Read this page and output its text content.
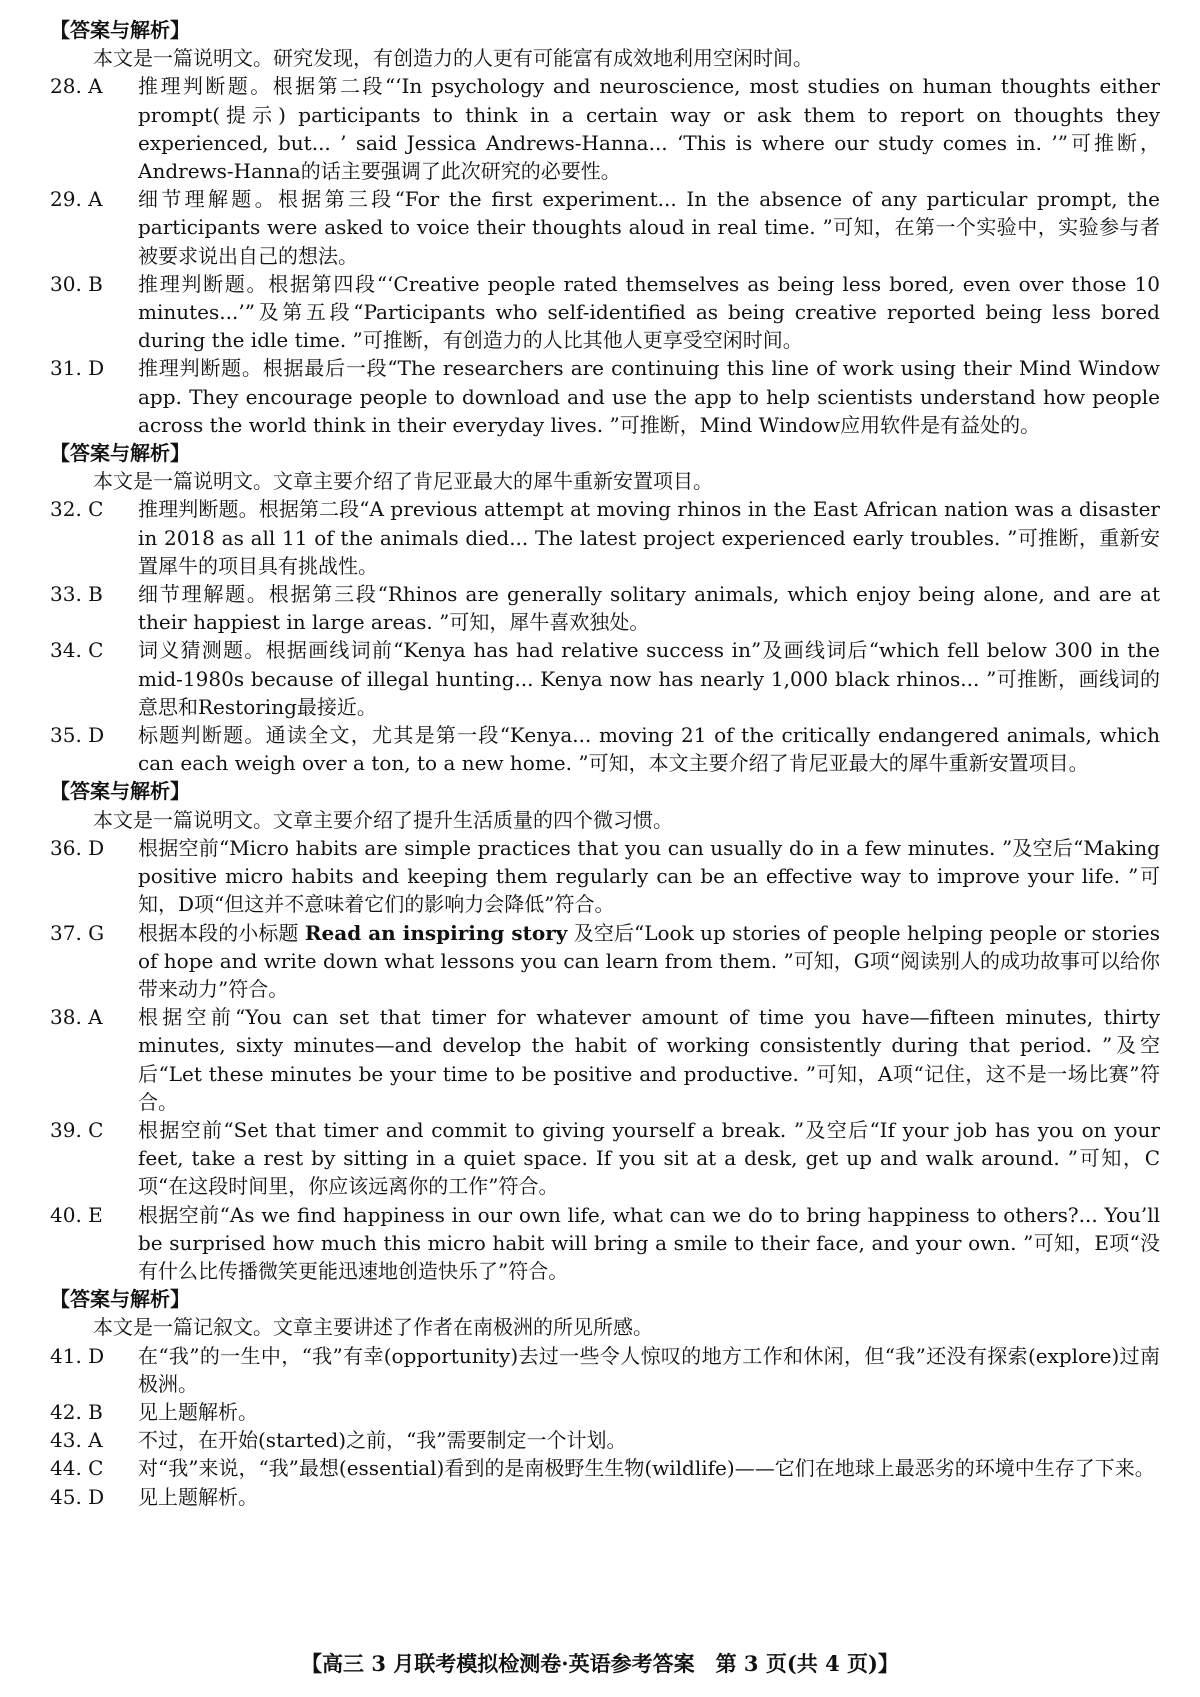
【答案与解析】
本文是一篇说明文。研究发现，有创造力的人更有可能富有成效地利用空闲时间。
28. A	推理判断题。根据第二段“‘In psychology and neuroscience, most studies on human thoughts either prompt(提示) participants to think in a certain way or ask them to report on thoughts they experienced, but... ’ said Jessica Andrews-Hanna... ‘This is where our study comes in. ’”可推断，Andrews-Hanna的话主要强调了此次研究的必要性。
29. A	细节理解题。根据第三段“For the first experiment... In the absence of any particular prompt, the participants were asked to voice their thoughts aloud in real time. ”可知，在第一个实验中，实验参与者被要求说出自己的想法。
30. B	推理判断题。根据第四段“‘Creative people rated themselves as being less bored, even over those 10 minutes...’”及第五段“Participants who self-identified as being creative reported being less bored during the idle time. ”可推断，有创造力的人比其他人更享受空闲时间。
31. D	推理判断题。根据最后一段“The researchers are continuing this line of work using their Mind Window app. They encourage people to download and use the app to help scientists understand how people across the world think in their everyday lives. ”可推断，Mind Window应用软件是有益处的。
【答案与解析】
本文是一篇说明文。文章主要介绍了肯尼亚最大的犀牛重新安置项目。
32. C	推理判断题。根据第二段“A previous attempt at moving rhinos in the East African nation was a disaster in 2018 as all 11 of the animals died... The latest project experienced early troubles. ”可推断，重新安置犀牛的项目具有挑战性。
33. B	细节理解题。根据第三段“Rhinos are generally solitary animals, which enjoy being alone, and are at their happiest in large areas. ”可知，犀牛喜欢独处。
34. C	词义猜测题。根据画线词前“Kenya has had relative success in”及画线词后“which fell below 300 in the mid-1980s because of illegal hunting... Kenya now has nearly 1,000 black rhinos... ”可推断，画线词的意思和Restoring最接近。
35. D	标题判断题。通读全文，尤其是第一段“Kenya... moving 21 of the critically endangered animals, which can each weigh over a ton, to a new home. ”可知，本文主要介绍了肯尼亚最大的犀牛重新安置项目。
【答案与解析】
本文是一篇说明文。文章主要介绍了提升生活质量的四个微习惯。
36. D	根据空前“Micro habits are simple practices that you can usually do in a few minutes. ”及空后“Making positive micro habits and keeping them regularly can be an effective way to improve your life. ”可知，D项“但这并不意味着它们的影响力会降低”符合。
37. G	根据本段的小标题 Read an inspiring story 及空后“Look up stories of people helping people or stories of hope and write down what lessons you can learn from them. ”可知，G项“阅读别人的成功故事可以给你带来动力”符合。
38. A	根据空前“You can set that timer for whatever amount of time you have—fifteen minutes, thirty minutes, sixty minutes—and develop the habit of working consistently during that period. ”及空后“Let these minutes be your time to be positive and productive. ”可知，A项“记住，这不是一场比赛”符合。
39. C	根据空前“Set that timer and commit to giving yourself a break. ”及空后“If your job has you on your feet, take a rest by sitting in a quiet space. If you sit at a desk, get up and walk around. ”可知，C项“在这段时间里，你应该远离你的工作”符合。
40. E	根据空前“As we find happiness in our own life, what can we do to bring happiness to others?... You’ll be surprised how much this micro habit will bring a smile to their face, and your own. ”可知，E项“没有什么比传播微笑更能迅速地创造快乐了”符合。
【答案与解析】
本文是一篇记叙文。文章主要讲述了作者在南极洲的所见所感。
41. D	在“我”的一生中，“我”有幸(opportunity)去过一些令人惊叹的地方工作和休闲，但“我”还没有探索(explore)过南极洲。
42. B	见上题解析。
43. A	不过，在开始(started)之前，“我”需要制定一个计划。
44. C	对“我”来说，“我”最想(essential)看到的是南极野生生物(wildlife)——它们在地球上最恶劣的环境中生存了下来。
45. D	见上题解析。
【高三 3 月联考模拟检测卷·英语参考答案　第 3 页(共 4 页)】
